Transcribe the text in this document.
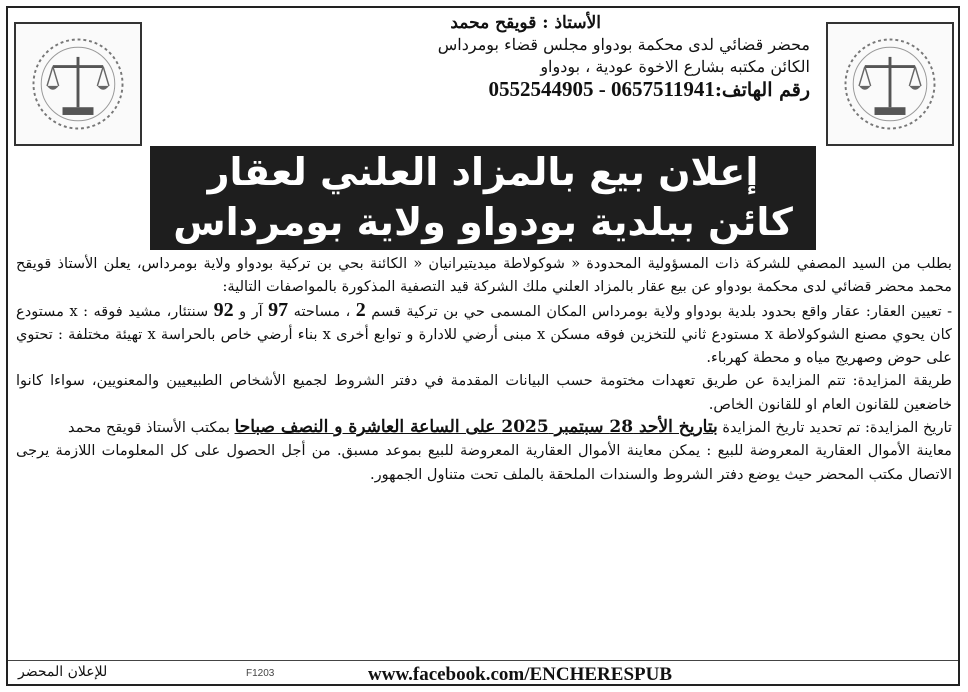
الأستاذ : قويقح محمد
محضر قضائي لدى محكمة بودواو مجلس قضاء بومرداس
الكائن مكتبه بشارع الاخوة عودية ، بودواو
رقم الهاتف:0552544905 - 0657511941
إعلان بيع بالمزاد العلني لعقار
كائن ببلدية بودواو ولاية بومرداس

بطلب من السيد المصفي للشركة ذات المسؤولية المحدودة « شوكولاطة ميديتيرانيان « الكائنة بحي بن تركية بودواو ولاية بومرداس، يعلن الأستاذ قويقح محمد محضر قضائي لدى محكمة بودواو عن بيع عقار بالمزاد العلني ملك الشركة قيد التصفية المذكورة بالمواصفات التالية:

- تعيين العقار: عقار واقع بحدود بلدية بودواو ولاية بومرداس المكان المسمى حي بن تركية قسم 2 ، مساحته 97 آر و 92 سنتئار، مشيد فوقه : x مستودع كان يحوي مصنع الشوكولاطة x مستودع ثاني للتخزين فوقه مسكن x مبنى أرضي للادارة و توابع أخرى x بناء أرضي خاص بالحراسة x تهيئة مختلفة : تحتوي على حوض وصهريج مياه و محطة كهرباء.

طريقة المزايدة: تتم المزايدة عن طريق تعهدات مختومة حسب البيانات المقدمة في دفتر الشروط لجميع الأشخاص الطبيعيين والمعنويين، سواءا كانوا خاضعين للقانون العام او للقانون الخاص.

تاريخ المزايدة: تم تحديد تاريخ المزايدة بتاريخ الأحد 28 سبتمبر 2025 على الساعة العاشرة و النصف صباحا بمكتب الأستاذ قويقح محمد

معاينة الأموال العقارية المعروضة للبيع : يمكن معاينة الأموال العقارية المعروضة للبيع بموعد مسبق. من أجل الحصول على كل المعلومات اللازمة يرجى الاتصال مكتب المحضر حيث يوضع دفتر الشروط والسندات الملحقة بالملف تحت متناول الجمهور.

F1203	www.facebook.com/ENCHERESPUB
للإعلان المحضر
